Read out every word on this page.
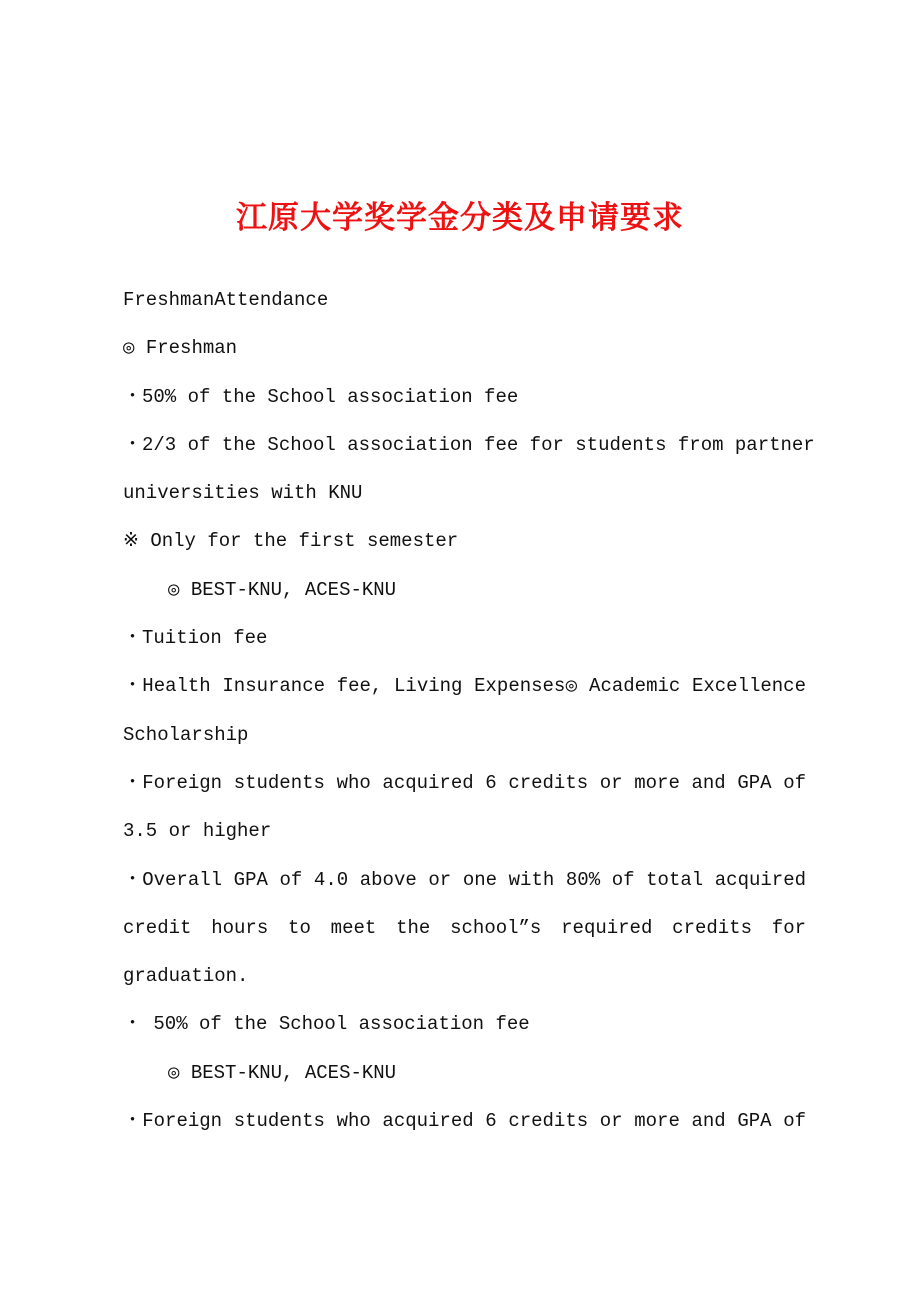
江原大学奖学金分类及申请要求
FreshmanAttendance
◎ Freshman
・50% of the School association fee
・2/3 of the School association fee for students from partner
universities with KNU
※ Only for the first semester
◎ BEST-KNU, ACES-KNU
・Tuition fee
・Health Insurance fee, Living Expenses◎ Academic Excellence
Scholarship
・Foreign students who acquired 6 credits or more and GPA of
3.5 or higher
・Overall GPA of 4.0 above or one with 80% of total acquired
credit hours to meet the school”s required credits for
graduation.
・ 50% of the School association fee
◎ BEST-KNU, ACES-KNU
・Foreign students who acquired 6 credits or more and GPA of
